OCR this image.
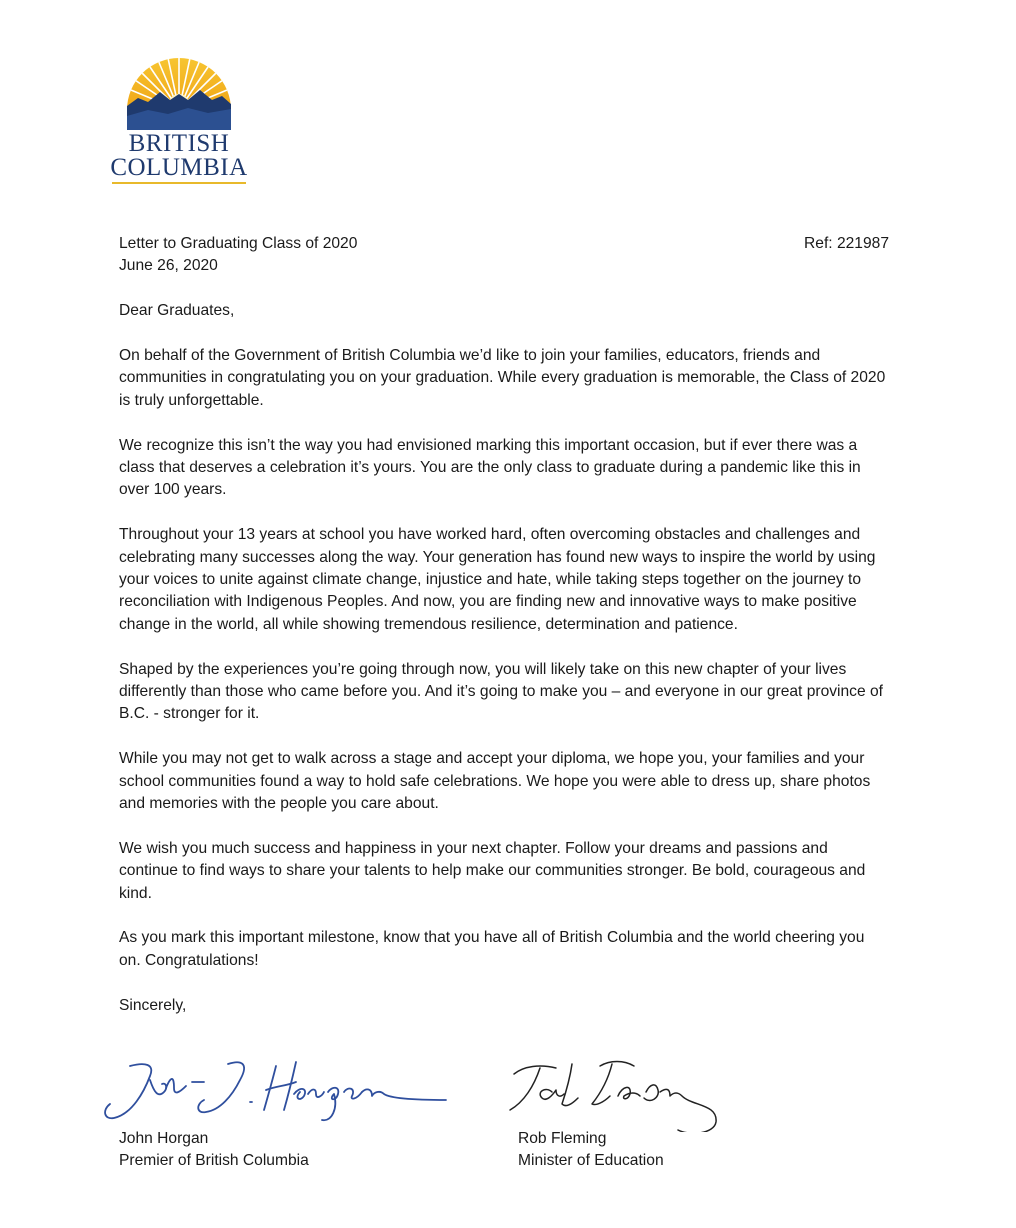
BRITISH
COLUMBIA
Letter to Graduating Class of 2020	Ref: 221987

June 26, 2020

Dear Graduates,

On behalf of the Government of British Columbia we’d like to join your families, educators, friends and communities in congratulating you on your graduation. While every graduation is memorable, the Class of 2020 is truly unforgettable.

We recognize this isn’t the way you had envisioned marking this important occasion, but if ever there was a class that deserves a celebration it’s yours. You are the only class to graduate during a pandemic like this in over 100 years.

Throughout your 13 years at school you have worked hard, often overcoming obstacles and challenges and celebrating many successes along the way. Your generation has found new ways to inspire the world by using your voices to unite against climate change, injustice and hate, while taking steps together on the journey to reconciliation with Indigenous Peoples. And now, you are finding new and innovative ways to make positive change in the world, all while showing tremendous resilience, determination and patience.

Shaped by the experiences you’re going through now, you will likely take on this new chapter of your lives differently than those who came before you. And it’s going to make you – and everyone in our great province of B.C. - stronger for it.

While you may not get to walk across a stage and accept your diploma, we hope you, your families and your school communities found a way to hold safe celebrations. We hope you were able to dress up, share photos and memories with the people you care about.

We wish you much success and happiness in your next chapter. Follow your dreams and passions and continue to find ways to share your talents to help make our communities stronger. Be bold, courageous and kind.

As you mark this important milestone, know that you have all of British Columbia and the world cheering you on. Congratulations!

Sincerely,

John Horgan
Premier of British Columbia
Rob Fleming
Minister of Education
